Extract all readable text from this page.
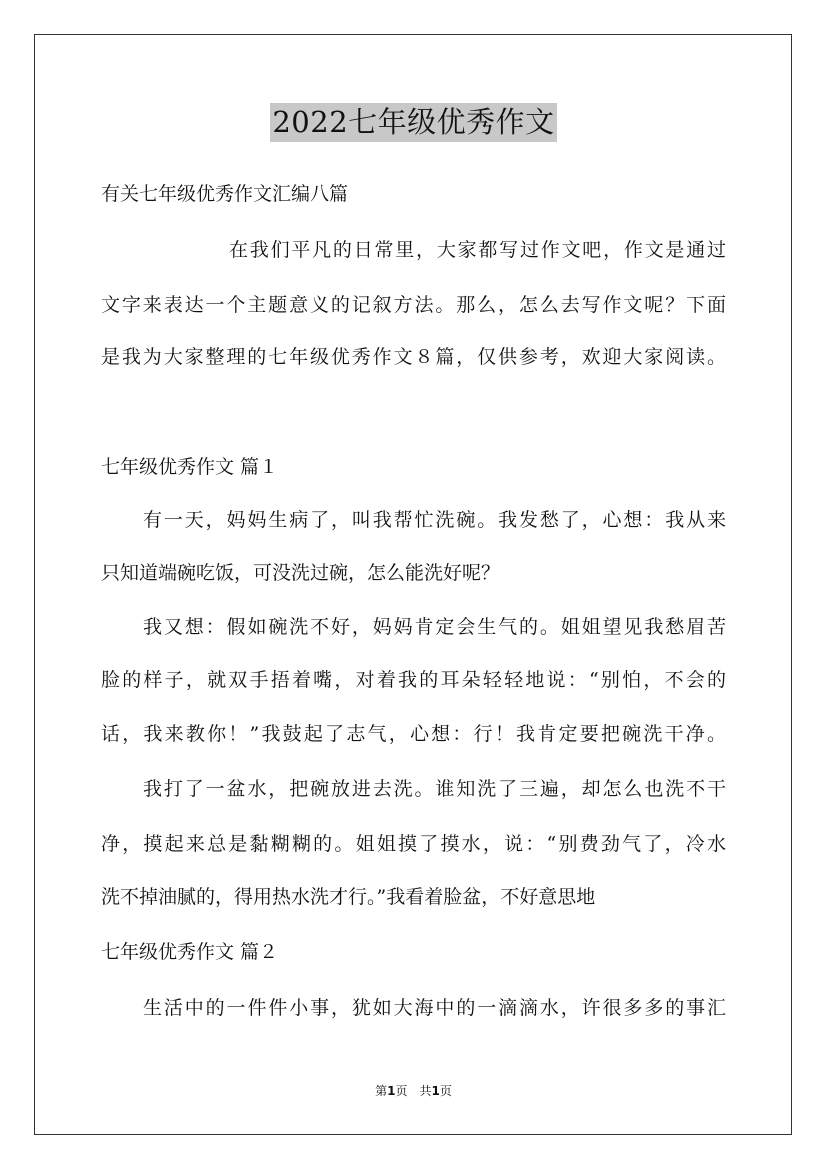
2022七年级优秀作文
有关七年级优秀作文汇编八篇
在我们平凡的日常里，大家都写过作文吧，作文是通过
文字来表达一个主题意义的记叙方法。那么，怎么去写作文呢？下面
是我为大家整理的七年级优秀作文８篇，仅供参考，欢迎大家阅读。
七年级优秀作文 篇１
有一天，妈妈生病了，叫我帮忙洗碗。我发愁了，心想：我从来
只知道端碗吃饭，可没洗过碗，怎么能洗好呢？
我又想：假如碗洗不好，妈妈肯定会生气的。姐姐望见我愁眉苦
脸的样子，就双手捂着嘴，对着我的耳朵轻轻地说：“别怕，不会的
话，我来教你！”我鼓起了志气，心想：行！我肯定要把碗洗干净。
我打了一盆水，把碗放进去洗。谁知洗了三遍，却怎么也洗不干
净，摸起来总是黏糊糊的。姐姐摸了摸水，说：“别费劲气了，冷水
洗不掉油腻的，得用热水洗才行。”我看着脸盆，不好意思地
七年级优秀作文 篇２
生活中的一件件小事，犹如大海中的一滴滴水，许很多多的事汇
第1页　共1页
